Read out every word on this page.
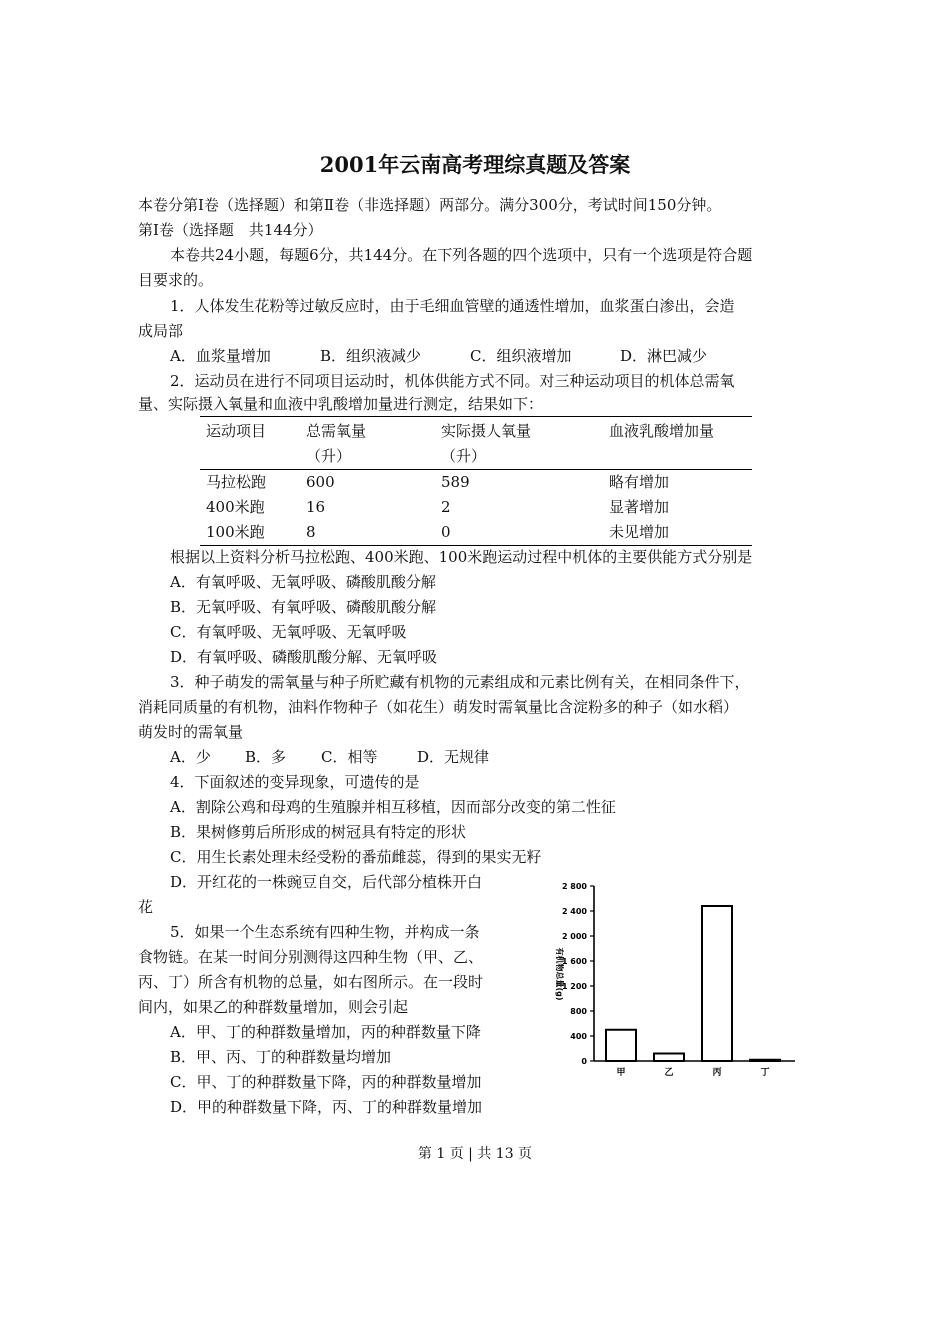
2001年云南高考理综真题及答案
本卷分第Ⅰ卷（选择题）和第Ⅱ卷（非选择题）两部分。满分300分，考试时间150分钟。
第Ⅰ卷（选择题　共144分）
本卷共24小题，每题6分，共144分。在下列各题的四个选项中，只有一个选项是符合题
目要求的。
1．人体发生花粉等过敏反应时，由于毛细血管壁的通透性增加，血浆蛋白渗出，会造
成局部
A．血浆量增加	B．组织液减少	C．组织液增加	D．淋巴减少
2．运动员在进行不同项目运动时，机体供能方式不同。对三种运动项目的机体总需氧
量、实际摄入氧量和血液中乳酸增加量进行测定，结果如下：
运动项目	总需氧量	实际摄人氧量	血液乳酸增加量
	（升）	（升）	
马拉松跑	600	589	略有增加
400米跑	16	2	显著增加
100米跑	8	0	未见增加
根据以上资料分析马拉松跑、400米跑、100米跑运动过程中机体的主要供能方式分别是
A．有氧呼吸、无氧呼吸、磷酸肌酸分解
B．无氧呼吸、有氧呼吸、磷酸肌酸分解
C．有氧呼吸、无氧呼吸、无氧呼吸
D．有氧呼吸、磷酸肌酸分解、无氧呼吸
3．种子萌发的需氧量与种子所贮藏有机物的元素组成和元素比例有关，在相同条件下，
消耗同质量的有机物，油料作物种子（如花生）萌发时需氧量比含淀粉多的种子（如水稻）
萌发时的需氧量
A．少 B．多 C．相等	D．无规律
4．下面叙述的变异现象，可遗传的是
A．割除公鸡和母鸡的生殖腺并相互移植，因而部分改变的第二性征
B．果树修剪后所形成的树冠具有特定的形状
C．用生长素处理未经受粉的番茄雌蕊，得到的果实无籽
D．开红花的一株豌豆自交，后代部分植株开白
花
5．如果一个生态系统有四种生物，并构成一条
食物链。在某一时间分别测得这四种生物（甲、乙、
丙、丁）所含有机物的总量，如右图所示。在一段时
间内，如果乙的种群数量增加，则会引起
A．甲、丁的种群数量增加，丙的种群数量下降
B．甲、丙、丁的种群数量均增加
C．甲、丁的种群数量下降，丙的种群数量增加
D．甲的种群数量下降，丙、丁的种群数量增加
0
400
800
1 200
1 600
2 000
2 400
2 800
甲	乙	丙	丁
有机物总量(g)
第 1 页 | 共 13 页
